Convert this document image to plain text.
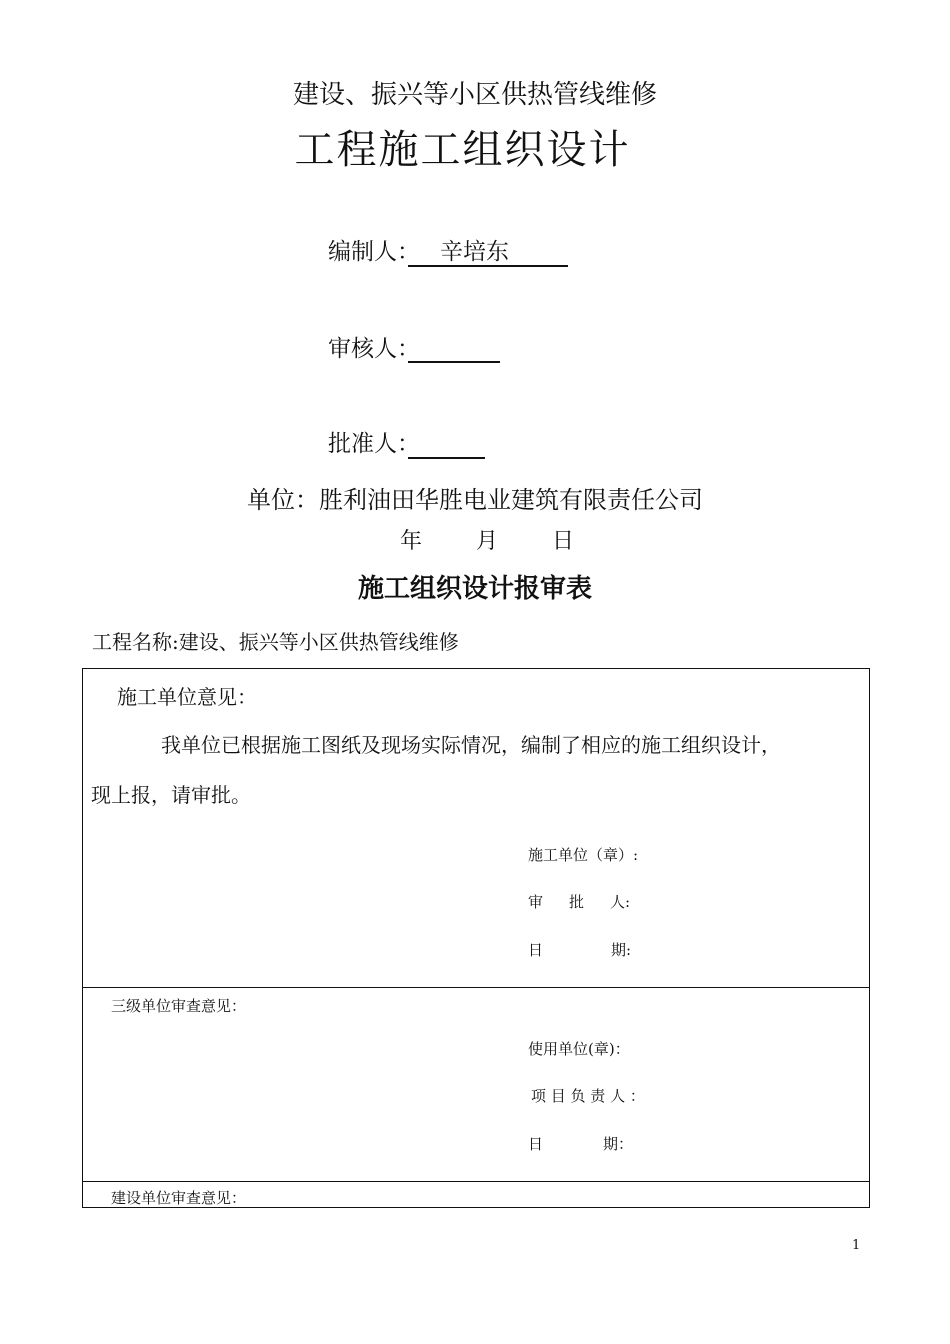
建设、振兴等小区供热管线维修
工程施工组织设计
编制人： 辛培东
审核人：
批准人：
单位：胜利油田华胜电业建筑有限责任公司
年 月 日
施工组织设计报审表
工程名称:建设、振兴等小区供热管线维修
施工单位意见：
我单位已根据施工图纸及现场实际情况，编制了相应的施工组织设计，
现上报，请审批。
施工单位（章）:
审 批 人:
日	期:
三级单位审查意见：
使用单位(章)：
项 目 负 责 人 ：
日	期：
建设单位审查意见：
1
